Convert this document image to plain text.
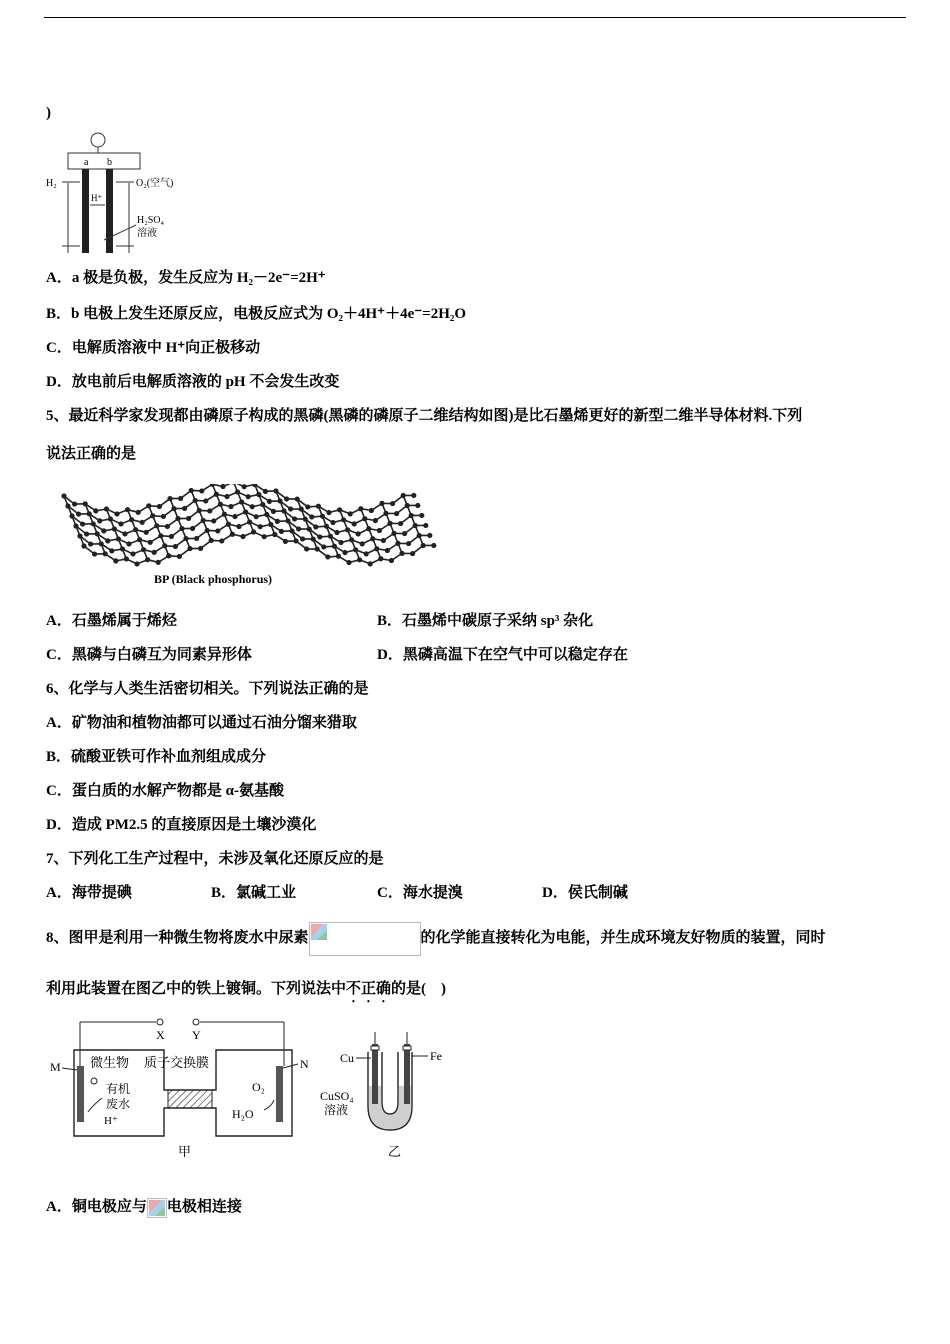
)
a b
H₂	O₂(空气)
H⁺
H₂SO₄
溶液
A．a 极是负极，发生反应为 H₂－2e⁻=2H⁺
B．b 电极上发生还原反应，电极反应式为 O₂＋4H⁺＋4e⁻=2H₂O
C．电解质溶液中 H⁺向正极移动
D．放电前后电解质溶液的 pH 不会发生改变
5、最近科学家发现都由磷原子构成的黑磷(黑磷的磷原子二维结构如图)是比石墨烯更好的新型二维半导体材料.下列
说法正确的是
BP (Black phosphorus)
A．石墨烯属于烯烃	B．石墨烯中碳原子采纳 sp³ 杂化
C．黑磷与白磷互为同素异形体	D．黑磷高温下在空气中可以稳定存在
6、化学与人类生活密切相关。下列说法正确的是
A．矿物油和植物油都可以通过石油分馏来猎取
B．硫酸亚铁可作补血剂组成成分
C．蛋白质的水解产物都是 α-氨基酸
D．造成 PM2.5 的直接原因是土壤沙漠化
7、下列化工生产过程中，未涉及氧化还原反应的是
A．海带提碘	B．氯碱工业	C．海水提溴	D．侯氏制碱
8、图甲是利用一种微生物将废水中尿素	的化学能直接转化为电能，并生成环境友好物质的装置，同时
利用此装置在图乙中的铁上镀铜。下列说法中不正确的是(　)
X Y
M	N
微生物 质子交换膜
有机
废水
H⁺
O₂
H₂O
甲
Cu	Fe
CuSO₄
溶液
乙
A．铜电极应与 电极相连接
